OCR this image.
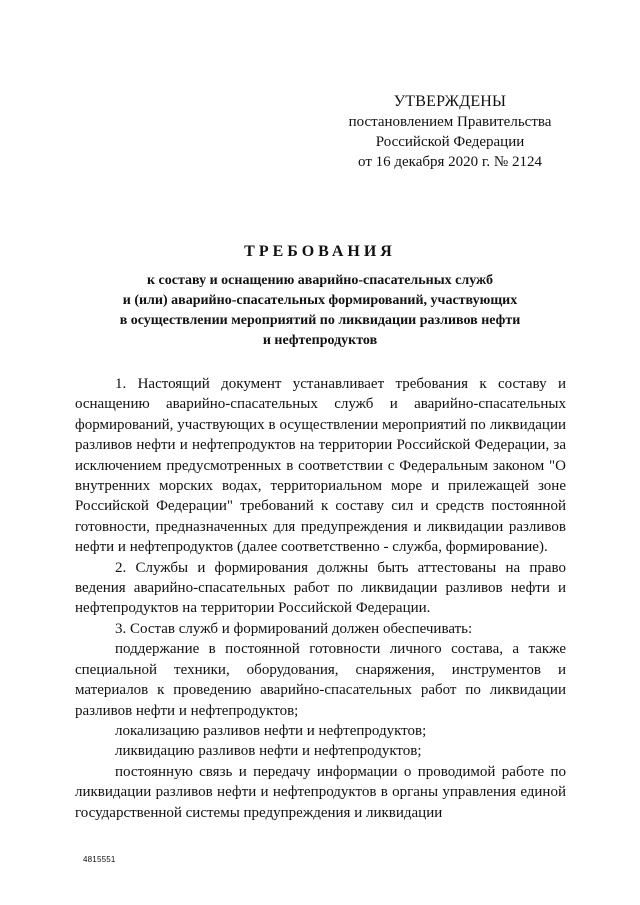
УТВЕРЖДЕНЫ
постановлением Правительства
Российской Федерации
от 16 декабря 2020 г. № 2124
ТРЕБОВАНИЯ
к составу и оснащению аварийно-спасательных служб
и (или) аварийно-спасательных формирований, участвующих
в осуществлении мероприятий по ликвидации разливов нефти
и нефтепродуктов

1. Настоящий документ устанавливает требования к составу и оснащению аварийно-спасательных служб и аварийно-спасательных формирований, участвующих в осуществлении мероприятий по ликвидации разливов нефти и нефтепродуктов на территории Российской Федерации, за исключением предусмотренных в соответствии с Федеральным законом "О внутренних морских водах, территориальном море и прилежащей зоне Российской Федерации" требований к составу сил и средств постоянной готовности, предназначенных для предупреждения и ликвидации разливов нефти и нефтепродуктов (далее соответственно - служба, формирование).

2. Службы и формирования должны быть аттестованы на право ведения аварийно-спасательных работ по ликвидации разливов нефти и нефтепродуктов на территории Российской Федерации.

3. Состав служб и формирований должен обеспечивать:

поддержание в постоянной готовности личного состава, а также специальной техники, оборудования, снаряжения, инструментов и материалов к проведению аварийно-спасательных работ по ликвидации разливов нефти и нефтепродуктов;

локализацию разливов нефти и нефтепродуктов;

ликвидацию разливов нефти и нефтепродуктов;

постоянную связь и передачу информации о проводимой работе по ликвидации разливов нефти и нефтепродуктов в органы управления единой государственной системы предупреждения и ликвидации

4815551
